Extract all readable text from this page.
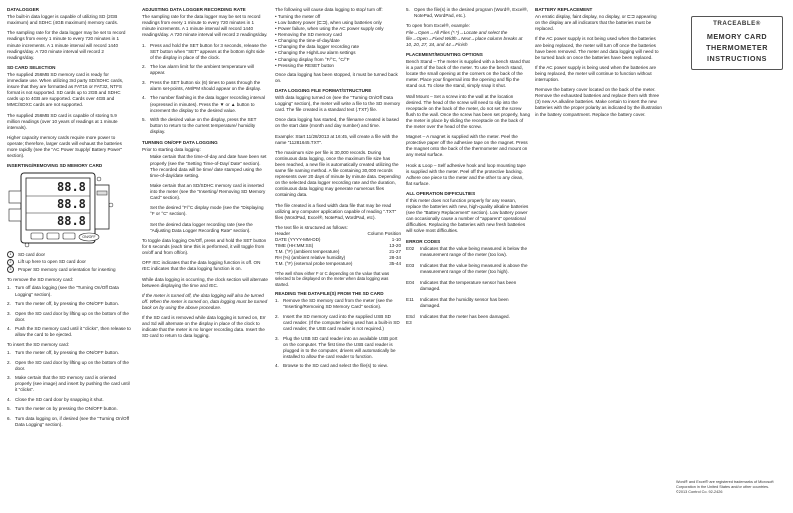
DATALOGGER
The built-in data logger is capable of utilizing SD (2GB maximum) and SDHC (4GB maximum) memory cards.
The sampling rate for the data logger may be set to record readings from every 1 minute to every 720 minutes in 1 minute increments. A 1 minute interval will record 1440 readings/day. A 720 minute interval will record 2 readings/day.
SD CARD SELECTION
The supplied 256MB SD memory card is ready for immediate use. When utilizing 3rd party SD/SDHC cards, insure that they are formatted as FAT16 or FAT32, NTFS format is not supported. SD cards up to 2GB and SDHC cards up to 4GB are supported. Cards over 4GB and MMC/SDXC cards are not supported.
The supplied 256MB SD card is capable of storing 5.9 million readings (over 10 years of readings at 1 minute intervals).
Higher capacity memory cards require more power to operate; therefore, larger cards will exhaust the batteries more rapidly (see the "AC Power Supply/ Battery Power" section).
INSERTING/REMOVING SD MEMORY CARD
88.8
88.8
88.8
ON/OFF
1	SD card door
2	Lift up here to open SD card door
3	Proper SD memory card orientation for inserting
To remove the SD memory card:
1. Turn off data logging (see the "Turning On/Off Data Logging" section).
2. Turn the meter off, by pressing the ON/OFF button.
3. Open the SD card door by lifting up on the bottom of the door.
4. Push the SD memory card until it "clicks", then release to allow the card to be ejected.
To insert the SD memory card:
1. Turn the meter off, by pressing the ON/OFF button.
2. Open the SD card door by lifting up on the bottom of the door.
3. Make certain that the SD memory card is oriented properly (see image) and insert by pushing the card until it "clicks".
4. Close the SD card door by snapping it shut.
5. Turn the meter on by pressing the ON/OFF button.
6. Turn data logging on, if desired (see the "Turning On/Off Data Logging" section).
ADJUSTING DATA LOGGER RECORDING RATE
The sampling rate for the data logger may be set to record readings from every 1 minute to every 720 minutes in 1 minute increments. A 1 minute interval will record 1440 readings/day. A 720 minute interval will record 2 readings/day.
1. Press and hold the SET button for 3 seconds, release the SET button when "SET" appears at the bottom right side of the display in place of the clock.
2. The low alarm limit for the ambient temperature will appear.
3. Press the SET button six (6) times to pass through the alarm set-points, AM/PM should appear on the display.
4. The number flashing is the data logger recording interval (expressed in minutes). Press the ▼ or ▲ button to increment the display to the desired value.
5. With the desired value on the display, press the SET button to return to the current temperature/ humidity display.
TURNING ON/OFF DATA LOGGING
Prior to starting data logging:
Make certain that the time-of-day and date have been set properly (see the "Setting Time-of-Day/ Date" section). The recorded data will be time/ date stamped using the time-of-day/date setting.
Make certain that an SD/SDHC memory card is inserted into the meter (see the "Inserting/ Removing SD Memory Card" section).
Set the desired °F/°C display mode (see the "Displaying °F or °C" section).
Set the desired data logger recording rate (see the "Adjusting Data Logger Recording Rate" section).
To toggle data logging On/Off, press and hold the SET button for 6 seconds (each time this is performed, it will toggle from on/off and from off/on).
OFF rEC indicates that the data logging function is off. ON rEC indicates that the data logging function is on.
While data logging is occurring, the clock section will alternate between displaying the time and rEC.
If the meter is turned off, the data logging will also be turned off. When the meter is turned on, data logging must be turned back on by using the above procedure.
If the SD card is removed while data logging is turned on, Err and Sd will alternate on the display in place of the clock to indicate that the meter is no longer recording data. Insert the SD card to return to data logging.
The following will cause data logging to stop/ turn off:
• Turning the meter off
• Low battery power (⊏⊐), when using batteries only
• Power failure, when using the AC power supply only
• Removing the SD memory card
• Changing the time-of-day/date
• Changing the data logger recording rate
• Changing the High/Low alarm settings
• Changing display from °F/°C, °C/°F
• Pressing the RESET button
Once data logging has been stopped, it must be turned back on.
DATA LOGGING FILE FORMAT/STRUCTURE
With data logging turned on (see the "Turning On/Off Data Logging" section), the meter will write a file to the SD memory card. The file created is a standard text (.TXT) file.
Once data logging has started, the filename created is based on the start date (month and day number) and time.
Example: Start 11/28/2013 at 16:45, will create a file with the name "11281645.TXT".
The maximum size per file is 30,000 records. During continuous data logging, once the maximum file size has been reached, a new file is automatically created utilizing the same file naming method. A file containing 30,000 records represents over 20 days of minute by minute data. Depending on the selected data logger recording rate and the duration, continuous data logging may generate numerous files containing data.
The file created is a fixed width data file that may be read utilizing any computer application capable of reading ".TXT" files (WordPad, Excel®, NotePad, WordPad, etc).
The text file is structured as follows:
Header	Column Position
DATE (YYYY-MM-DD)	1-10
TIME (HH:MM:SS)	13-20
T.M. (°F) (ambient temperature)	21-27
RH (%) (ambient relative humidity)	28-34
T.M. (°F) (external probe temperature)	35-44
*The well show either F or C depending on the value that was selected to be displayed on the meter when data logging was started.
READING THE DATAFILE(S) FROM THE SD CARD
1. Remove the SD memory card from the meter (see the "Inserting/Removing SD Memory Card" section).
2. Insert the SD memory card into the supplied USB SD card reader. (If the computer being used has a built-in SD card reader, the USB card reader is not required.)
3. Plug the USB SD card reader into an available USB port on the computer. The first time the USB card reader is plugged in to the computer, drivers will automatically be installed to allow the card reader to function.
4. Browse to the SD card and select the file(s) to view.
5. Open the file(s) in the desired program (Word®, Excel®, NotePad, WordPad, etc.).
To open from Excel®, example:
File→Open→All Files (*.*)→Locate and select the file→Open→Fixed Width→Next→place column breaks at 10, 20, 27, 34, and 44→Finish
PLACEMENT/MOUNTING OPTIONS
Bench Stand – The meter is supplied with a bench stand that is a part of the back of the meter. To use the bench stand, locate the small opening at the corners on the back of the meter. Place your fingernail into the opening and flip the stand out. To close the stand, simply snap it shut.
Wall Mount – Set a screw into the wall at the location desired. The head of the screw will need to slip into the receptacle on the back of the meter, do not set the screw flush to the wall. Once the screw has been set properly, hang the meter in place by sliding the receptacle on the back of the meter over the head of the screw.
Magnet – A magnet is supplied with the meter. Peel the protective paper off the adhesive tape on the magnet. Press the magnet onto the back of the thermometer and mount on any metal surface.
Hook & Loop – Self adhesive hook and loop mounting tape is supplied with the meter. Peel off the protective backing. Adhere one piece to the meter and the other to any clean, flat surface.
ALL OPERATION DIFFICULTIES
If this meter does not function properly for any reason, replace the batteries with new, high-quality alkaline batteries (see the "Battery Replacement" section). Low battery power can occasionally cause a number of "apparent" operational difficulties. Replacing the batteries with new fresh batteries will solve most difficulties.
ERROR CODES
E02	Indicates that the value being measured is below the measurement range of the meter (too low).
E03	Indicates that the value being measured is above the measurement range of the meter (too high).
E04	Indicates that the temperature sensor has been damaged.
E11	Indicates that the humidity sensor has been damaged.
ESd E3
Indicates that the meter has been damaged.
BATTERY REPLACEMENT
An erratic display, faint display, no display, or ⊏⊐ appearing on the display are all indicators that the batteries must be replaced.
If the AC power supply is not being used when the batteries are being replaced, the meter will turn off once the batteries have been removed. The meter and data logging will need to be turned back on once the batteries have been replaced.
If the AC power supply is being used when the batteries are being replaced, the meter will continue to function without interruption.
Remove the battery cover located on the back of the meter. Remove the exhausted batteries and replace them with three (3) new AA alkaline batteries. Make certain to insert the new batteries with the proper polarity as indicated by the illustration in the battery compartment. Replace the battery cover.
TRACEABLE®
MEMORY CARD
THERMOMETER
INSTRUCTIONS
Word® and Excel® are registered trademarks of Microsoft Corporation in the United States and/or other countries.
©2013 Control Co. 92-2426
